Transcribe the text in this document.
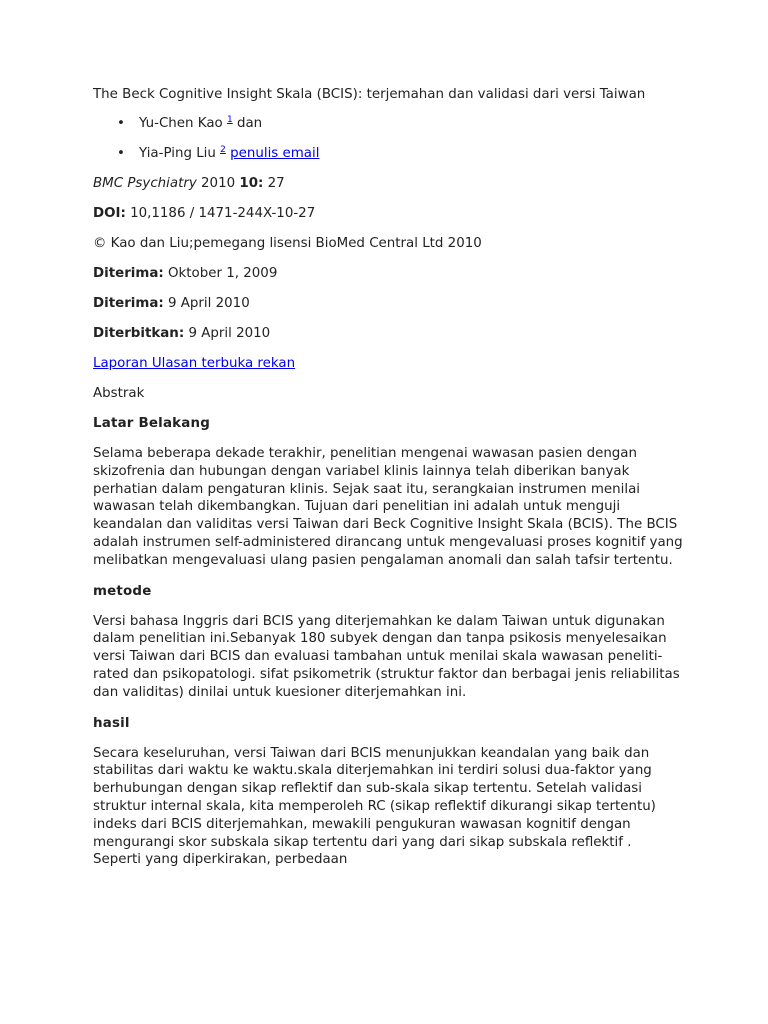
The Beck Cognitive Insight Skala (BCIS): terjemahan dan validasi dari versi Taiwan
• Yu-Chen Kao $^1$ dan
• Yia-Ping Liu $^2$ penulis email
BMC Psychiatry 2010 10: 27
DOI: 10,1186 / 1471-244X-10-27
© Kao dan Liu;pemegang lisensi BioMed Central Ltd 2010
Diterima: Oktober 1, 2009
Diterima: 9 April 2010
Diterbitkan: 9 April 2010
Laporan Ulasan terbuka rekan
Abstrak
Latar Belakang
Selama beberapa dekade terakhir, penelitian mengenai wawasan pasien dengan skizofrenia dan hubungan dengan variabel klinis lainnya telah diberikan banyak perhatian dalam pengaturan klinis. Sejak saat itu, serangkaian instrumen menilai wawasan telah dikembangkan. Tujuan dari penelitian ini adalah untuk menguji keandalan dan validitas versi Taiwan dari Beck Cognitive Insight Skala (BCIS). The BCIS adalah instrumen self-administered dirancang untuk mengevaluasi proses kognitif yang melibatkan mengevaluasi ulang pasien pengalaman anomali dan salah tafsir tertentu.
metode
Versi bahasa Inggris dari BCIS yang diterjemahkan ke dalam Taiwan untuk digunakan dalam penelitian ini.Sebanyak 180 subyek dengan dan tanpa psikosis menyelesaikan versi Taiwan dari BCIS dan evaluasi tambahan untuk menilai skala wawasan peneliti-rated dan psikopatologi. sifat psikometrik (struktur faktor dan berbagai jenis reliabilitas dan validitas) dinilai untuk kuesioner diterjemahkan ini.
hasil
Secara keseluruhan, versi Taiwan dari BCIS menunjukkan keandalan yang baik dan stabilitas dari waktu ke waktu.skala diterjemahkan ini terdiri solusi dua-faktor yang berhubungan dengan sikap reflektif dan sub-skala sikap tertentu. Setelah validasi struktur internal skala, kita memperoleh RC (sikap reflektif dikurangi sikap tertentu) indeks dari BCIS diterjemahkan, mewakili pengukuran wawasan kognitif dengan mengurangi skor subskala sikap tertentu dari yang dari sikap subskala reflektif . Seperti yang diperkirakan, perbedaan
